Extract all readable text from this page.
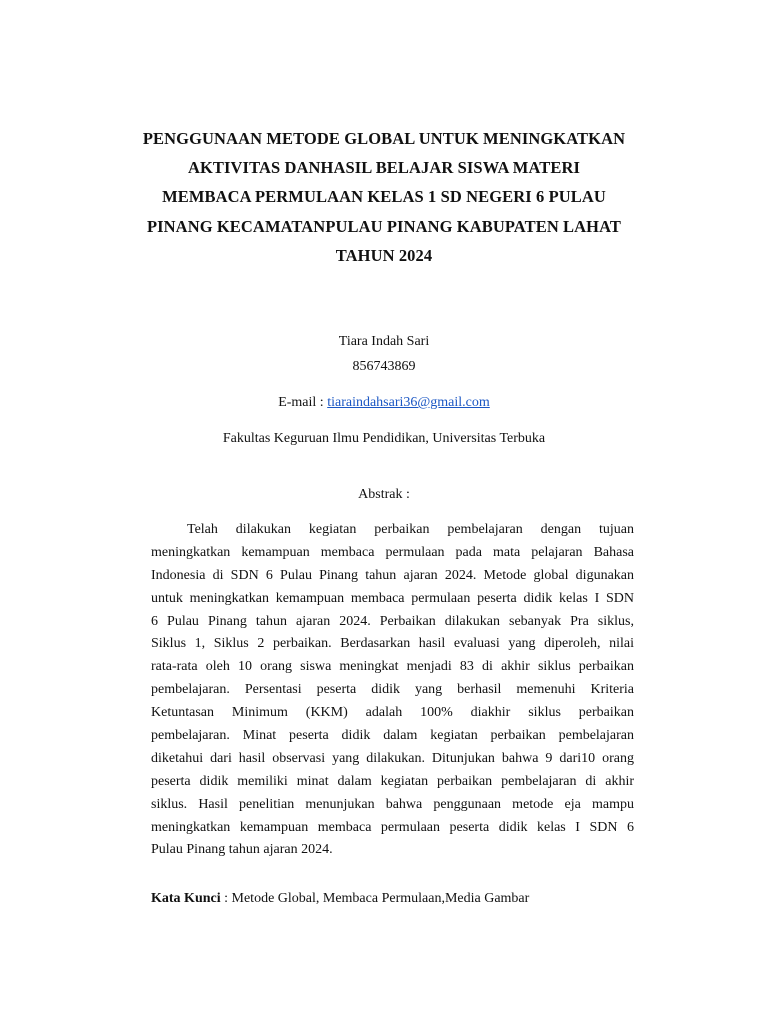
PENGGUNAAN METODE GLOBAL UNTUK MENINGKATKAN
AKTIVITAS DANHASIL BELAJAR SISWA MATERI
MEMBACA PERMULAAN KELAS 1 SD NEGERI 6 PULAU
PINANG KECAMATANPULAU PINANG KABUPATEN LAHAT
TAHUN 2024
Tiara Indah Sari
856743869
E-mail : tiaraindahsari36@gmail.com
Fakultas Keguruan Ilmu Pendidikan, Universitas Terbuka
Abstrak :
Telah dilakukan kegiatan perbaikan pembelajaran dengan tujuan
meningkatkan kemampuan membaca permulaan pada mata pelajaran Bahasa
Indonesia di SDN 6 Pulau Pinang tahun ajaran 2024. Metode global digunakan
untuk meningkatkan kemampuan membaca permulaan peserta didik kelas I SDN
6 Pulau Pinang tahun ajaran 2024. Perbaikan dilakukan sebanyak Pra siklus,
Siklus 1, Siklus 2 perbaikan. Berdasarkan hasil evaluasi yang diperoleh, nilai
rata-rata oleh 10 orang siswa meningkat menjadi 83 di akhir siklus perbaikan
pembelajaran. Persentasi peserta didik yang berhasil memenuhi Kriteria
Ketuntasan Minimum (KKM) adalah 100% diakhir siklus perbaikan
pembelajaran. Minat peserta didik dalam kegiatan perbaikan pembelajaran
diketahui dari hasil observasi yang dilakukan. Ditunjukan bahwa 9 dari10 orang
peserta didik memiliki minat dalam kegiatan perbaikan pembelajaran di akhir
siklus. Hasil penelitian menunjukan bahwa penggunaan metode eja mampu
meningkatkan kemampuan membaca permulaan peserta didik kelas I SDN 6
Pulau Pinang tahun ajaran 2024.
Kata Kunci : Metode Global, Membaca Permulaan,Media Gambar
